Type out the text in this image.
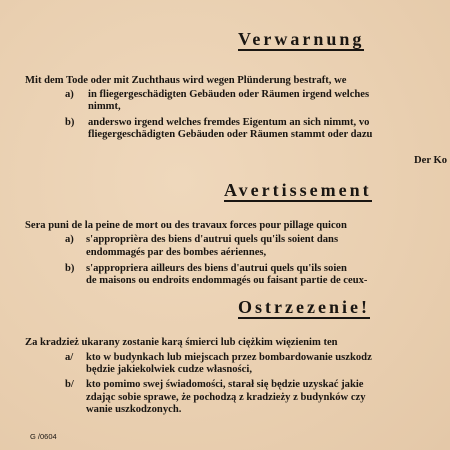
Verwarnung
Mit dem Tode oder mit Zuchthaus wird wegen Plünderung bestraft, we
a) in fliegergeschädigten Gebäuden oder Räumen irgend welches
nimmt,
b) anderswo irgend welches fremdes Eigentum an sich nimmt, vo
fliegergeschädigten Gebäuden oder Räumen stammt oder dazu
Der Ko
Avertissement
Sera puni de la peine de mort ou des travaux forces pour pillage quicon
a) s'approprièra des biens d'autrui quels qu'ils soient dans
endommagés par des bombes aériennes,
b) s'appropriera ailleurs des biens d'autrui quels qu'ils soien
de maisons ou endroits endommagés ou faisant partie de ceux-
Ostrzezenie!
Za kradzież ukarany zostanie karą śmierci lub ciężkim więzienim ten
a/ kto w budynkach lub miejscach przez bombardowanie uszkodz
będzie jakiekolwiek cudze własności,
b/ kto pomimo swej świadomości, starał się będzie uzyskać jakie
zdając sobie sprawe, że pochodzą z kradzieży z budynków czy
wanie uszkodzonych.
G /0604
